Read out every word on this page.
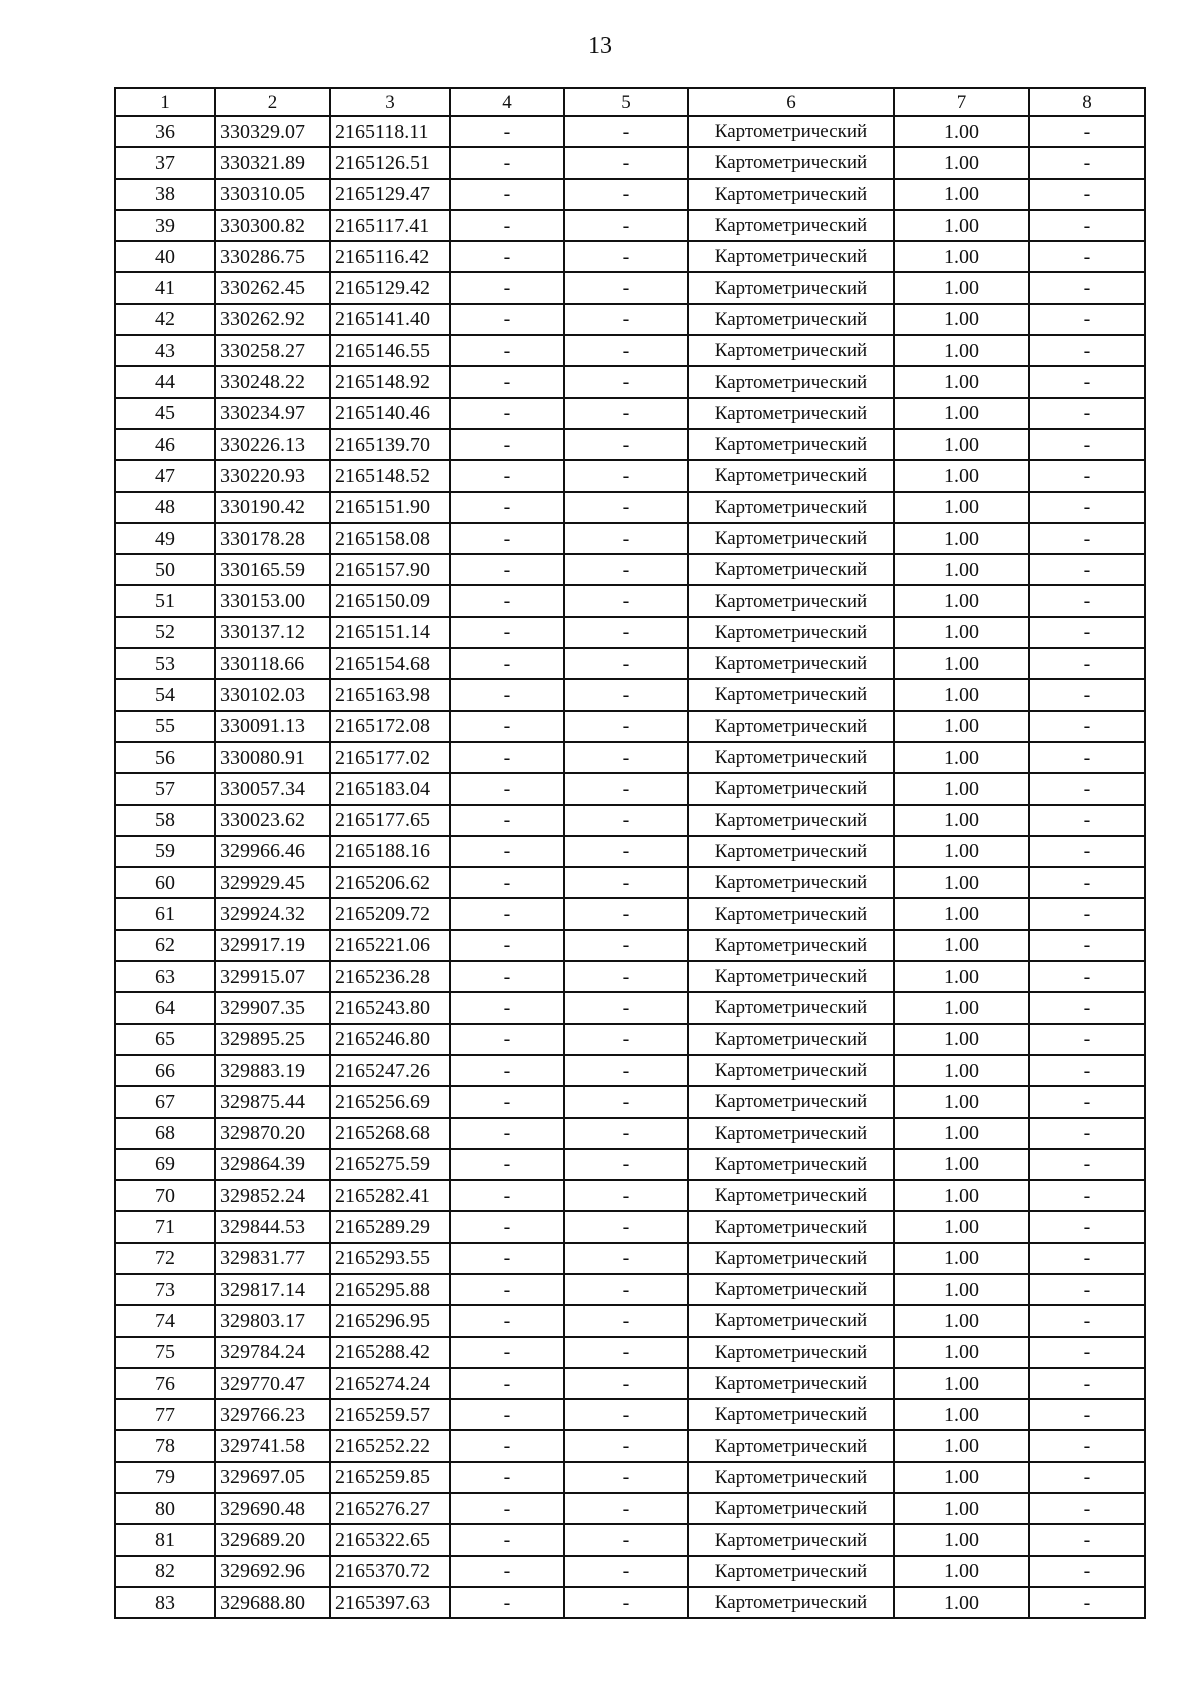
13
1	2	3	4	5	6	7	8
36	330329.07	2165118.11	-	-	Картометрический	1.00	-
37	330321.89	2165126.51	-	-	Картометрический	1.00	-
38	330310.05	2165129.47	-	-	Картометрический	1.00	-
39	330300.82	2165117.41	-	-	Картометрический	1.00	-
40	330286.75	2165116.42	-	-	Картометрический	1.00	-
41	330262.45	2165129.42	-	-	Картометрический	1.00	-
42	330262.92	2165141.40	-	-	Картометрический	1.00	-
43	330258.27	2165146.55	-	-	Картометрический	1.00	-
44	330248.22	2165148.92	-	-	Картометрический	1.00	-
45	330234.97	2165140.46	-	-	Картометрический	1.00	-
46	330226.13	2165139.70	-	-	Картометрический	1.00	-
47	330220.93	2165148.52	-	-	Картометрический	1.00	-
48	330190.42	2165151.90	-	-	Картометрический	1.00	-
49	330178.28	2165158.08	-	-	Картометрический	1.00	-
50	330165.59	2165157.90	-	-	Картометрический	1.00	-
51	330153.00	2165150.09	-	-	Картометрический	1.00	-
52	330137.12	2165151.14	-	-	Картометрический	1.00	-
53	330118.66	2165154.68	-	-	Картометрический	1.00	-
54	330102.03	2165163.98	-	-	Картометрический	1.00	-
55	330091.13	2165172.08	-	-	Картометрический	1.00	-
56	330080.91	2165177.02	-	-	Картометрический	1.00	-
57	330057.34	2165183.04	-	-	Картометрический	1.00	-
58	330023.62	2165177.65	-	-	Картометрический	1.00	-
59	329966.46	2165188.16	-	-	Картометрический	1.00	-
60	329929.45	2165206.62	-	-	Картометрический	1.00	-
61	329924.32	2165209.72	-	-	Картометрический	1.00	-
62	329917.19	2165221.06	-	-	Картометрический	1.00	-
63	329915.07	2165236.28	-	-	Картометрический	1.00	-
64	329907.35	2165243.80	-	-	Картометрический	1.00	-
65	329895.25	2165246.80	-	-	Картометрический	1.00	-
66	329883.19	2165247.26	-	-	Картометрический	1.00	-
67	329875.44	2165256.69	-	-	Картометрический	1.00	-
68	329870.20	2165268.68	-	-	Картометрический	1.00	-
69	329864.39	2165275.59	-	-	Картометрический	1.00	-
70	329852.24	2165282.41	-	-	Картометрический	1.00	-
71	329844.53	2165289.29	-	-	Картометрический	1.00	-
72	329831.77	2165293.55	-	-	Картометрический	1.00	-
73	329817.14	2165295.88	-	-	Картометрический	1.00	-
74	329803.17	2165296.95	-	-	Картометрический	1.00	-
75	329784.24	2165288.42	-	-	Картометрический	1.00	-
76	329770.47	2165274.24	-	-	Картометрический	1.00	-
77	329766.23	2165259.57	-	-	Картометрический	1.00	-
78	329741.58	2165252.22	-	-	Картометрический	1.00	-
79	329697.05	2165259.85	-	-	Картометрический	1.00	-
80	329690.48	2165276.27	-	-	Картометрический	1.00	-
81	329689.20	2165322.65	-	-	Картометрический	1.00	-
82	329692.96	2165370.72	-	-	Картометрический	1.00	-
83	329688.80	2165397.63	-	-	Картометрический	1.00	-
